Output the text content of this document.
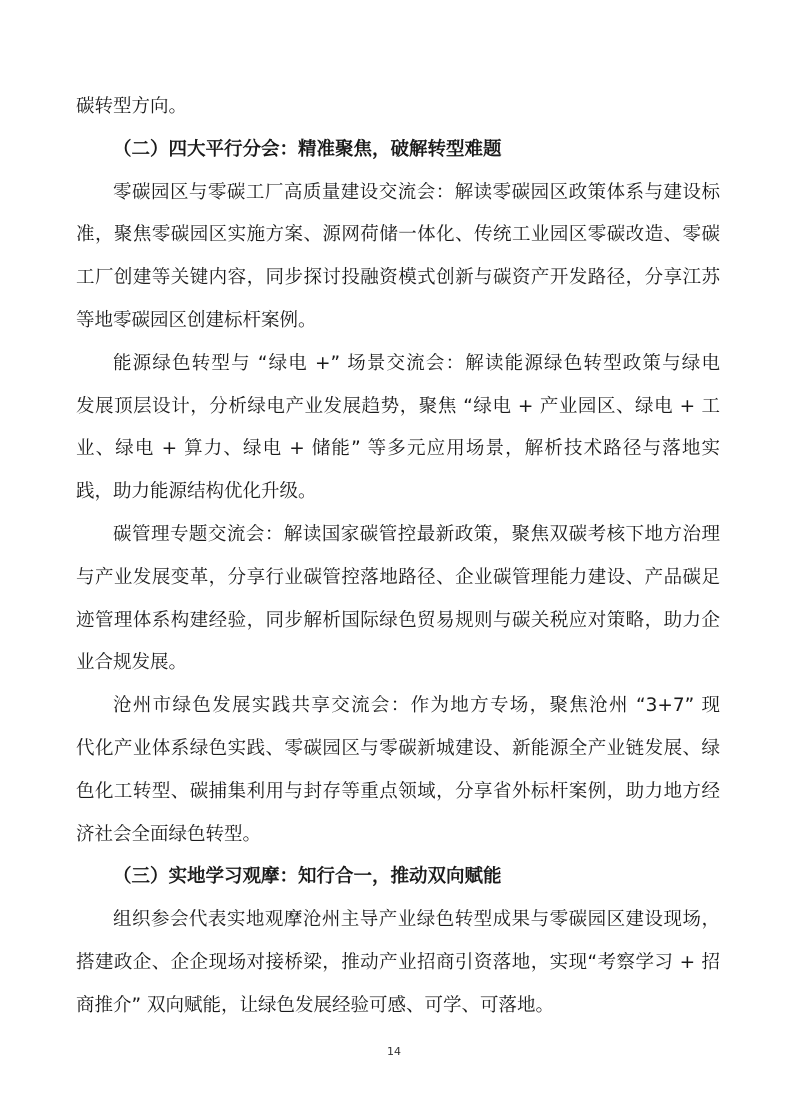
碳转型方向。
（二）四大平行分会：精准聚焦，破解转型难题
零碳园区与零碳工厂高质量建设交流会：解读零碳园区政策体系与建设标
准，聚焦零碳园区实施方案、源网荷储一体化、传统工业园区零碳改造、零碳
工厂创建等关键内容，同步探讨投融资模式创新与碳资产开发路径，分享江苏
等地零碳园区创建标杆案例。
能源绿色转型与 “绿电 +” 场景交流会：解读能源绿色转型政策与绿电
发展顶层设计，分析绿电产业发展趋势，聚焦 “绿电 + 产业园区、绿电 + 工
业、绿电 + 算力、绿电 + 储能” 等多元应用场景，解析技术路径与落地实
践，助力能源结构优化升级。
碳管理专题交流会：解读国家碳管控最新政策，聚焦双碳考核下地方治理
与产业发展变革，分享行业碳管控落地路径、企业碳管理能力建设、产品碳足
迹管理体系构建经验，同步解析国际绿色贸易规则与碳关税应对策略，助力企
业合规发展。
沧州市绿色发展实践共享交流会：作为地方专场，聚焦沧州 “3+7” 现
代化产业体系绿色实践、零碳园区与零碳新城建设、新能源全产业链发展、绿
色化工转型、碳捕集利用与封存等重点领域，分享省外标杆案例，助力地方经
济社会全面绿色转型。
（三）实地学习观摩：知行合一，推动双向赋能
组织参会代表实地观摩沧州主导产业绿色转型成果与零碳园区建设现场，
搭建政企、企企现场对接桥梁，推动产业招商引资落地，实现“考察学习 + 招
商推介” 双向赋能，让绿色发展经验可感、可学、可落地。
14
